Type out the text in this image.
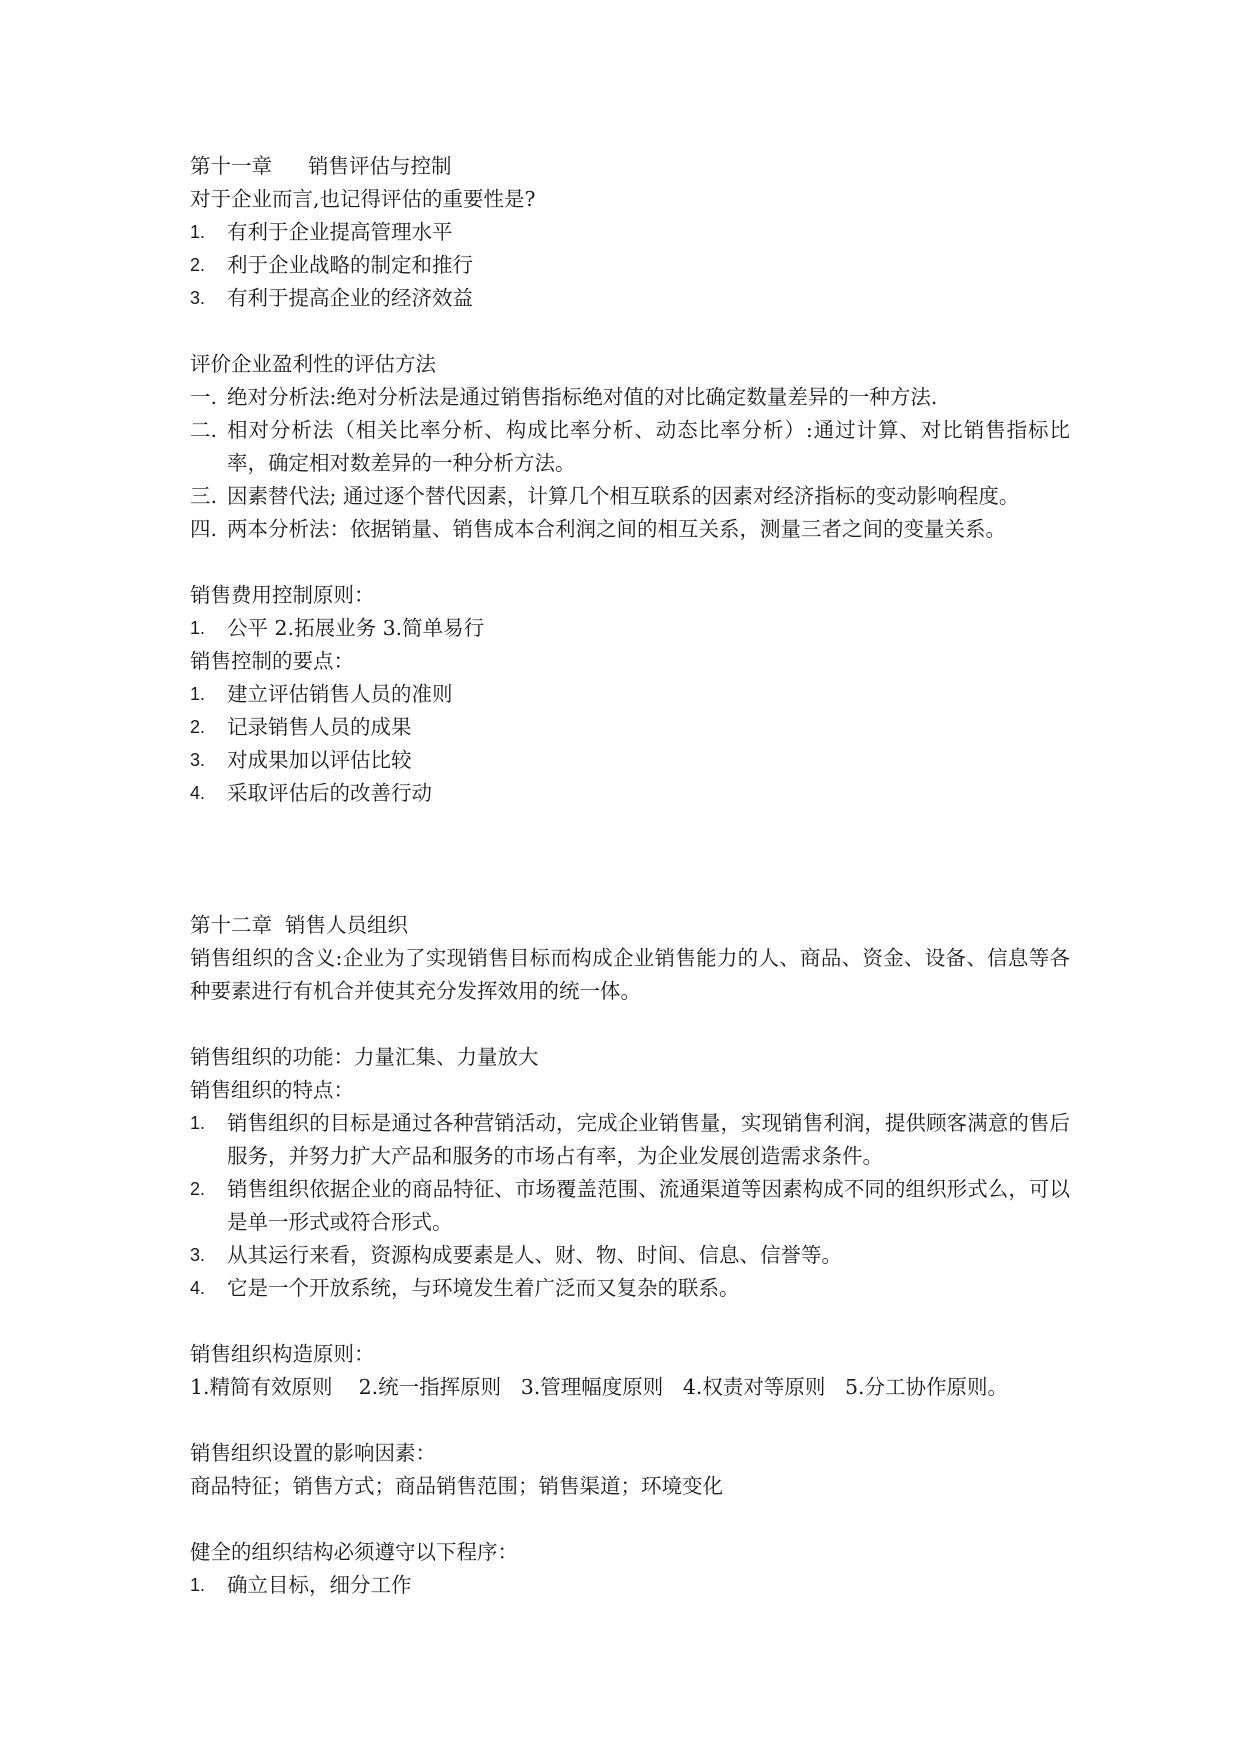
第十一章 销售评估与控制
对于企业而言,也记得评估的重要性是?
1.	有利于企业提高管理水平
2.	利于企业战略的制定和推行
3.	有利于提高企业的经济效益
评价企业盈利性的评估方法
一. 绝对分析法:绝对分析法是通过销售指标绝对值的对比确定数量差异的一种方法.
二. 相对分析法（相关比率分析、构成比率分析、动态比率分析）:通过计算、对比销售指标比率，确定相对数差异的一种分析方法。
三. 因素替代法; 通过逐个替代因素，计算几个相互联系的因素对经济指标的变动影响程度。
四. 两本分析法：依据销量、销售成本合利润之间的相互关系，测量三者之间的变量关系。
销售费用控制原则：
1.	公平 2.拓展业务 3.简单易行
销售控制的要点：
1.	建立评估销售人员的准则
2.	记录销售人员的成果
3.	对成果加以评估比较
4.	采取评估后的改善行动
第十二章  销售人员组织
销售组织的含义:企业为了实现销售目标而构成企业销售能力的人、商品、资金、设备、信息等各种要素进行有机合并使其充分发挥效用的统一体。
销售组织的功能：力量汇集、力量放大
销售组织的特点：
1.	销售组织的目标是通过各种营销活动，完成企业销售量，实现销售利润，提供顾客满意的售后服务，并努力扩大产品和服务的市场占有率，为企业发展创造需求条件。
2.	销售组织依据企业的商品特征、市场覆盖范围、流通渠道等因素构成不同的组织形式么，可以是单一形式或符合形式。
3.	从其运行来看，资源构成要素是人、财、物、时间、信息、信誉等。
4.	它是一个开放系统，与环境发生着广泛而又复杂的联系。
销售组织构造原则：
1.精简有效原则    2.统一指挥原则   3.管理幅度原则   4.权责对等原则   5.分工协作原则。
销售组织设置的影响因素：
商品特征；销售方式；商品销售范围；销售渠道；环境变化
健全的组织结构必须遵守以下程序：
1.	确立目标，细分工作
